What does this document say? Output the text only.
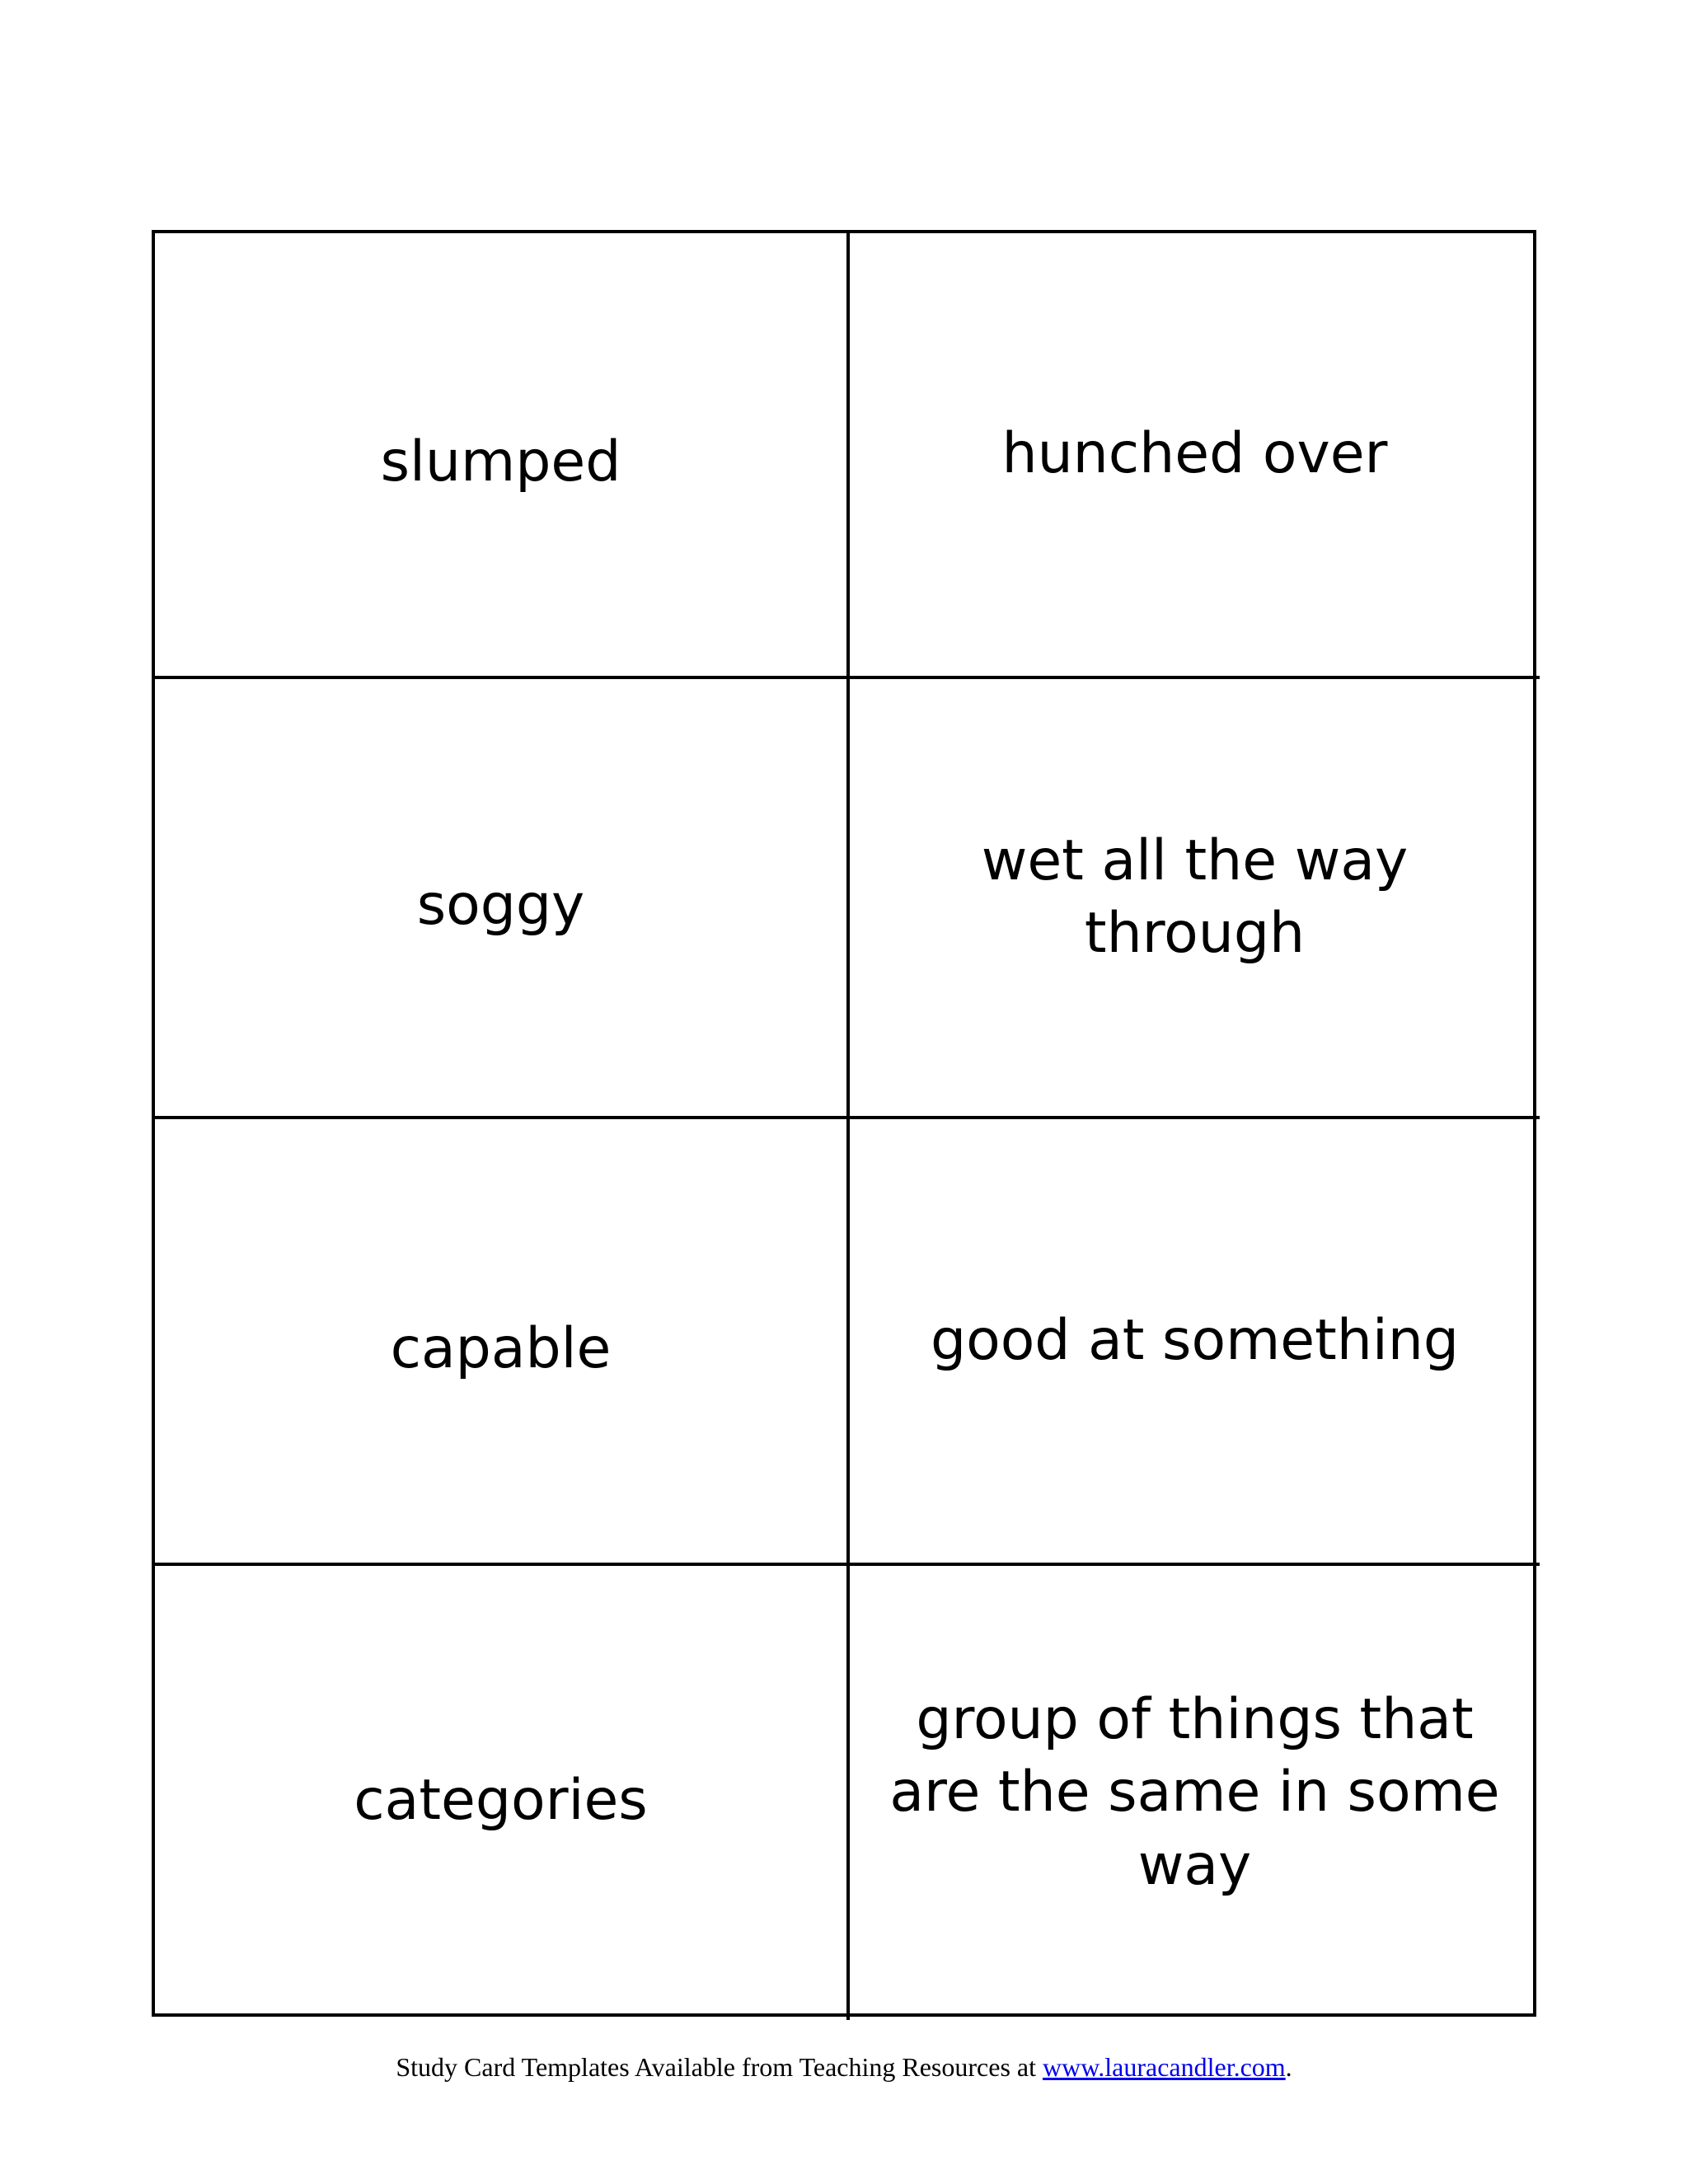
slumped	hunched over
soggy
wet all the way through
capable	good at something
categories
group of things that are the same in some way
Study Card Templates Available from Teaching Resources at www.lauracandler.com.
